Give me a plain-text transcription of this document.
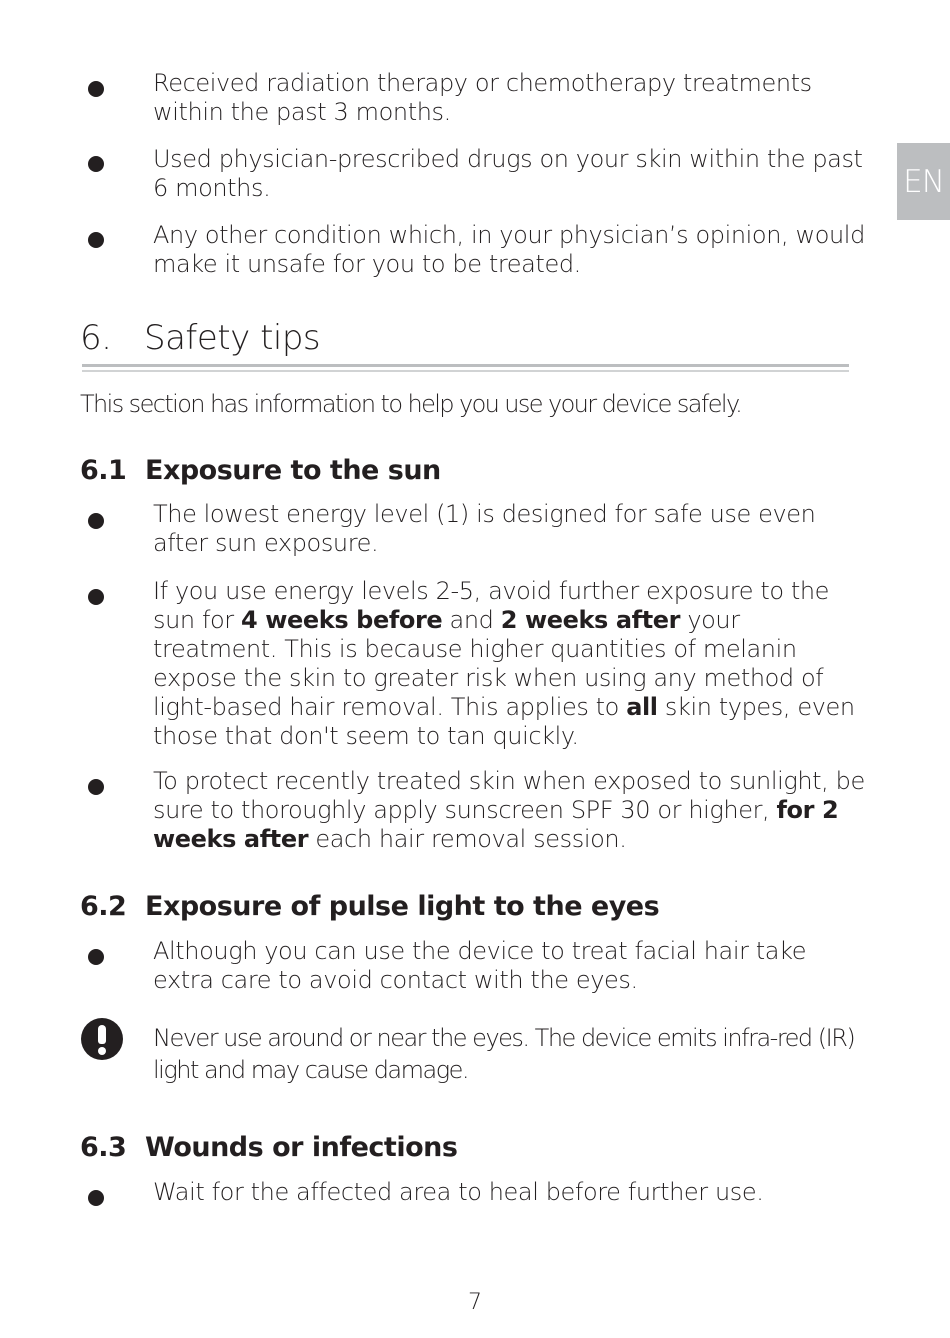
EN
Received radiation therapy or chemotherapy treatments within the past 3 months.
Used physician-prescribed drugs on your skin within the past 6 months.
Any other condition which, in your physician’s opinion, would make it unsafe for you to be treated.
6. Safety tips
This section has information to help you use your device safely.
6.1 Exposure to the sun
The lowest energy level (1) is designed for safe use even after sun exposure.
If you use energy levels 2-5, avoid further exposure to the sun for 4 weeks before and 2 weeks after your treatment. This is because higher quantities of melanin expose the skin to greater risk when using any method of light-based hair removal. This applies to all skin types, even those that don't seem to tan quickly.
To protect recently treated skin when exposed to sunlight, be sure to thoroughly apply sunscreen SPF 30 or higher, for 2 weeks after each hair removal session.
6.2 Exposure of pulse light to the eyes
Although you can use the device to treat facial hair take extra care to avoid contact with the eyes.
Never use around or near the eyes. The device emits infra-red (IR) light and may cause damage.
6.3 Wounds or infections
Wait for the affected area to heal before further use.
7
